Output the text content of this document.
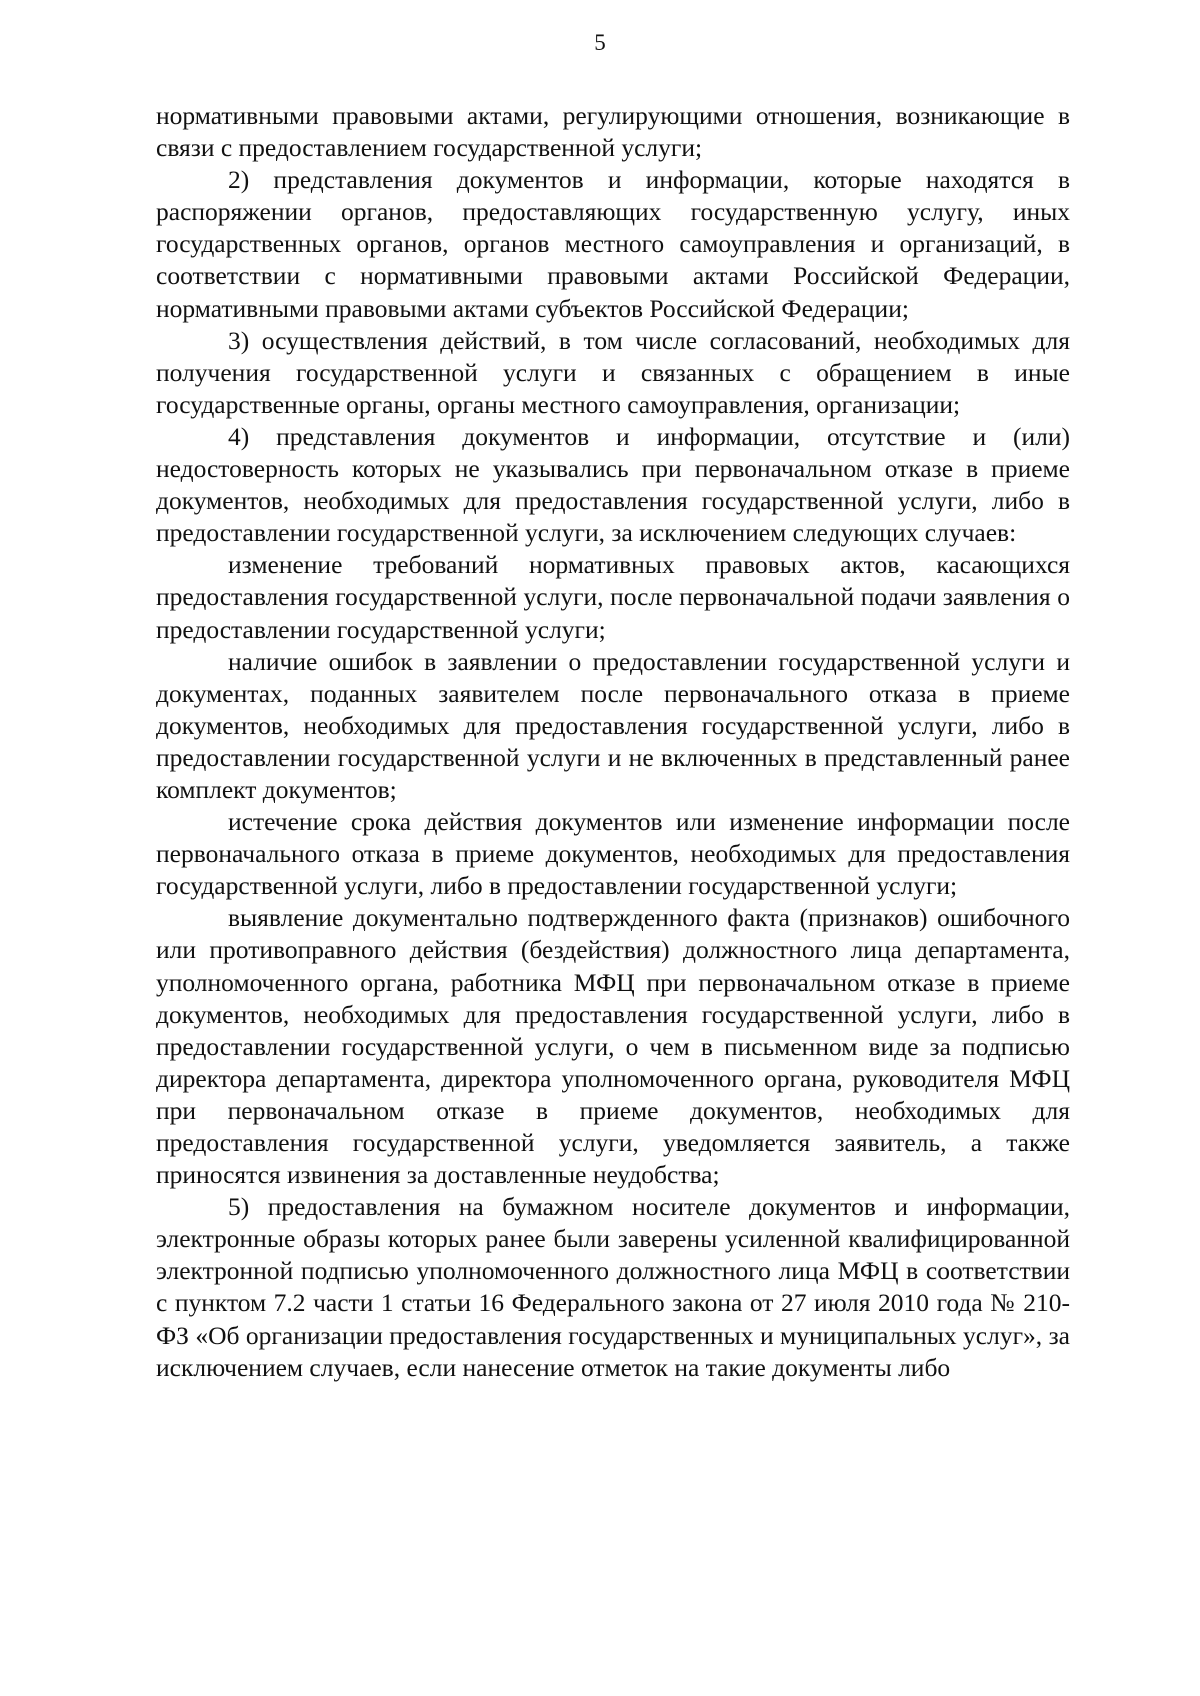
5

нормативными правовыми актами, регулирующими отношения, возникающие в связи с предоставлением государственной услуги;

2) представления документов и информации, которые находятся в распоряжении органов, предоставляющих государственную услугу, иных государственных органов, органов местного самоуправления и организаций, в соответствии с нормативными правовыми актами Российской Федерации, нормативными правовыми актами субъектов Российской Федерации;

3) осуществления действий, в том числе согласований, необходимых для получения государственной услуги и связанных с обращением в иные государственные органы, органы местного самоуправления, организации;

4) представления документов и информации, отсутствие и (или) недостоверность которых не указывались при первоначальном отказе в приеме документов, необходимых для предоставления государственной услуги, либо в предоставлении государственной услуги, за исключением следующих случаев:

изменение требований нормативных правовых актов, касающихся предоставления государственной услуги, после первоначальной подачи заявления о предоставлении государственной услуги;

наличие ошибок в заявлении о предоставлении государственной услуги и документах, поданных заявителем после первоначального отказа в приеме документов, необходимых для предоставления государственной услуги, либо в предоставлении государственной услуги и не включенных в представленный ранее комплект документов;

истечение срока действия документов или изменение информации после первоначального отказа в приеме документов, необходимых для предоставления государственной услуги, либо в предоставлении государственной услуги;

выявление документально подтвержденного факта (признаков) ошибочного или противоправного действия (бездействия) должностного лица департамента, уполномоченного органа, работника МФЦ при первоначальном отказе в приеме документов, необходимых для предоставления государственной услуги, либо в предоставлении государственной услуги, о чем в письменном виде за подписью директора департамента, директора уполномоченного органа, руководителя МФЦ при первоначальном отказе в приеме документов, необходимых для предоставления государственной услуги, уведомляется заявитель, а также приносятся извинения за доставленные неудобства;

5) предоставления на бумажном носителе документов и информации, электронные образы которых ранее были заверены усиленной квалифицированной электронной подписью уполномоченного должностного лица МФЦ в соответствии с пунктом 7.2 части 1 статьи 16 Федерального закона от 27 июля 2010 года № 210-ФЗ «Об организации предоставления государственных и муниципальных услуг», за исключением случаев, если нанесение отметок на такие документы либо
